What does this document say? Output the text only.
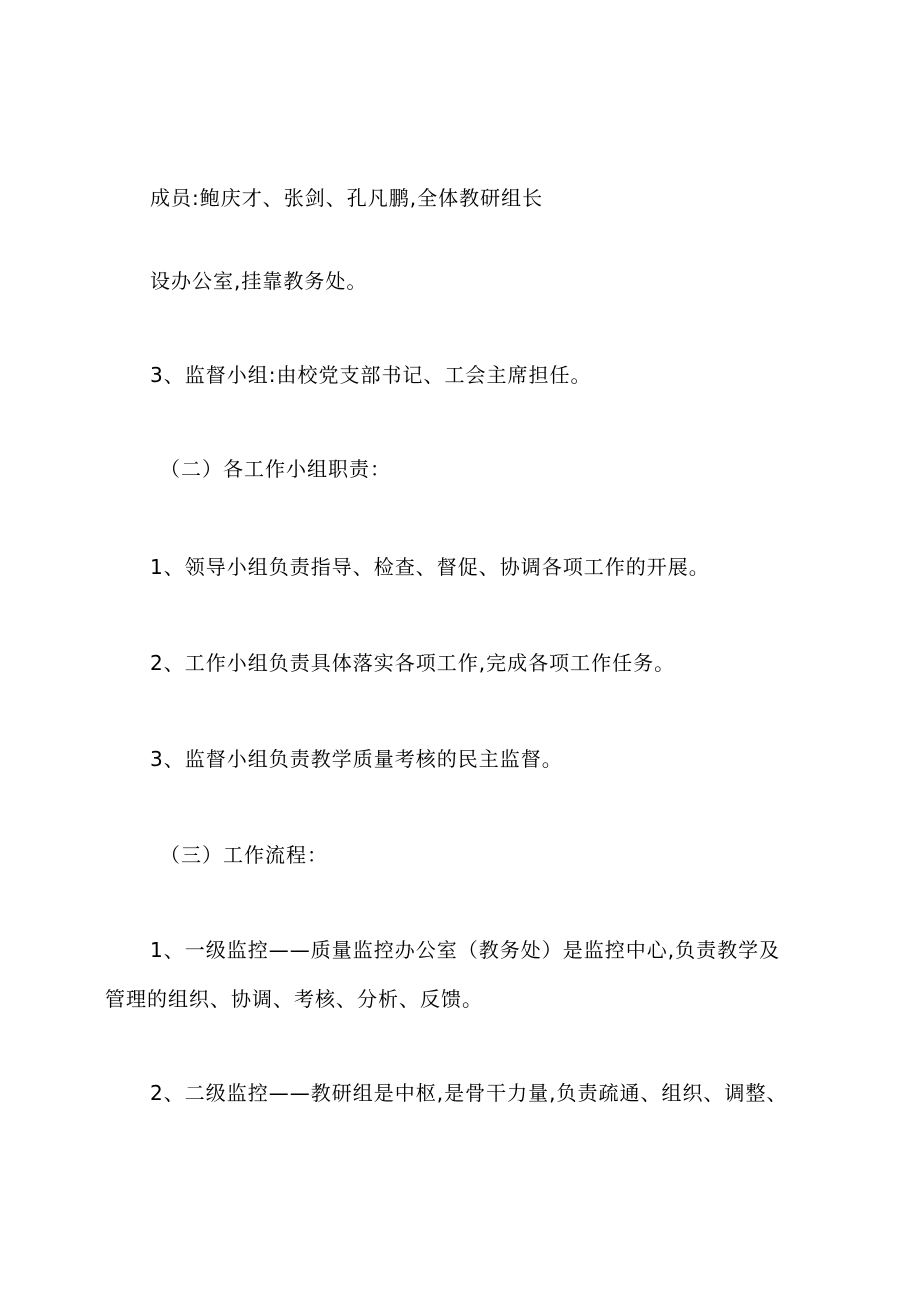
成员:鲍庆才、张剑、孔凡鹏,全体教研组长
设办公室,挂靠教务处。
3、监督小组:由校党支部书记、工会主席担任。
（二）各工作小组职责：
1、领导小组负责指导、检查、督促、协调各项工作的开展。
2、工作小组负责具体落实各项工作,完成各项工作任务。
3、监督小组负责教学质量考核的民主监督。
（三）工作流程：
1、一级监控——质量监控办公室（教务处）是监控中心,负责教学及
管理的组织、协调、考核、分析、反馈。
2、二级监控——教研组是中枢,是骨干力量,负责疏通、组织、调整、
